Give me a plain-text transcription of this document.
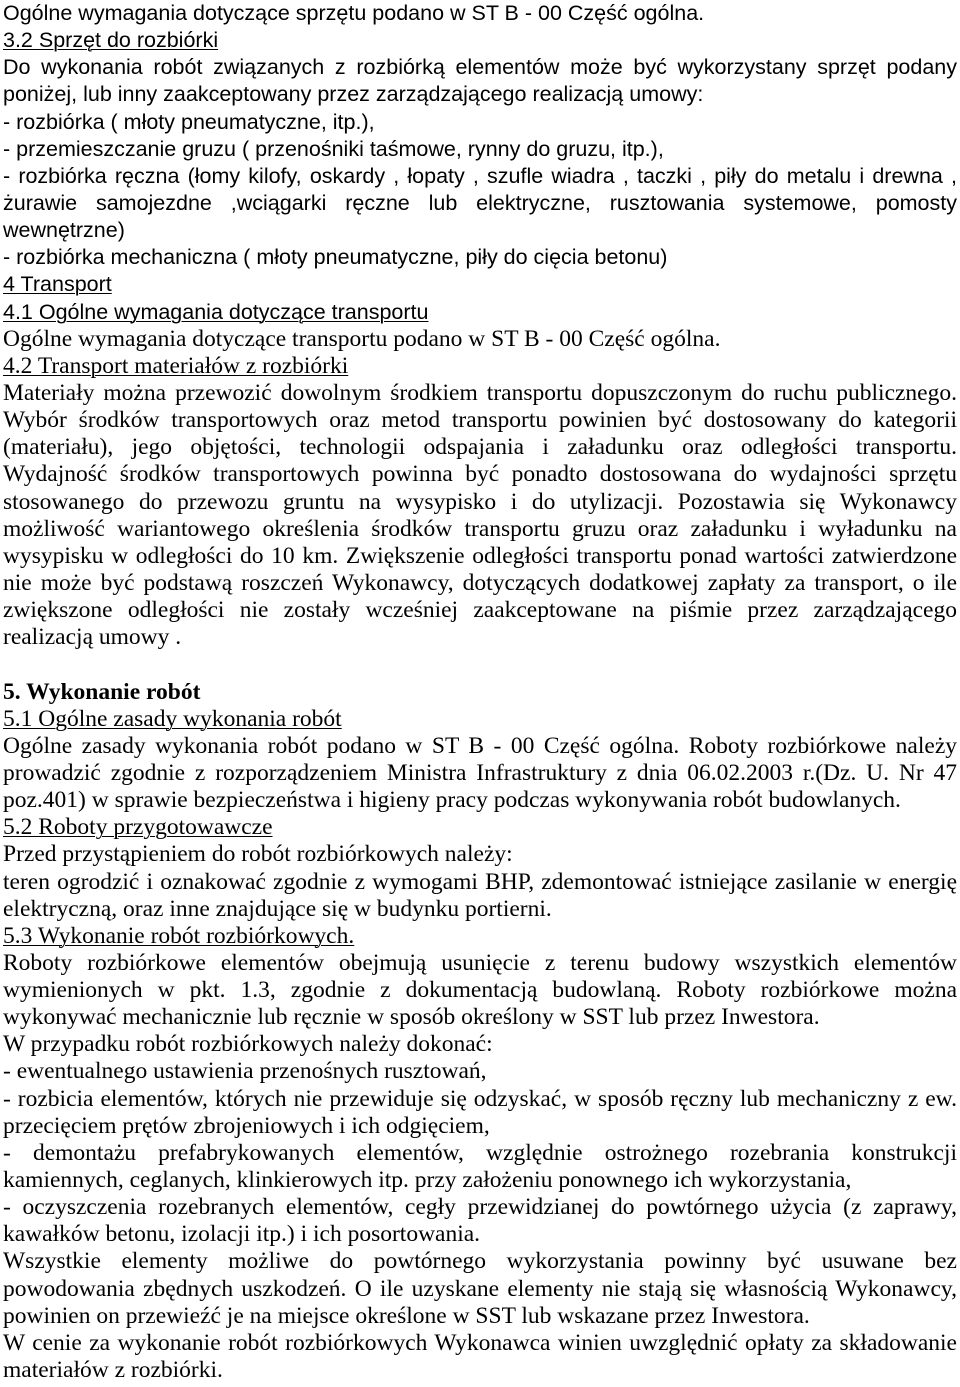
Ogólne wymagania dotyczące sprzętu podano w ST B - 00 Część ogólna.
3.2 Sprzęt do rozbiórki
Do wykonania robót związanych z rozbiórką elementów może być wykorzystany sprzęt podany
poniżej, lub inny zaakceptowany przez zarządzającego realizacją umowy:
- rozbiórka ( młoty pneumatyczne, itp.),
- przemieszczanie gruzu ( przenośniki taśmowe, rynny do gruzu, itp.),
- rozbiórka ręczna (łomy kilofy, oskardy , łopaty , szufle wiadra , taczki , piły do metalu i drewna ,
żurawie samojezdne ,wciągarki ręczne lub elektryczne, rusztowania systemowe, pomosty
wewnętrzne)
- rozbiórka mechaniczna ( młoty pneumatyczne, piły do cięcia betonu)
4 Transport
4.1 Ogólne wymagania dotyczące transportu
Ogólne wymagania dotyczące transportu podano w ST B - 00 Część ogólna.
4.2 Transport materiałów z rozbiórki
Materiały można przewozić dowolnym środkiem transportu dopuszczonym do ruchu publicznego.
Wybór środków transportowych oraz metod transportu powinien być dostosowany do kategorii
(materiału), jego objętości, technologii odspajania i załadunku oraz odległości transportu.
Wydajność środków transportowych powinna być ponadto dostosowana do wydajności sprzętu
stosowanego do przewozu gruntu na wysypisko i do utylizacji. Pozostawia się Wykonawcy
możliwość wariantowego określenia środków transportu gruzu oraz załadunku i wyładunku na
wysypisku w odległości do 10 km. Zwiększenie odległości transportu ponad wartości zatwierdzone
nie może być podstawą roszczeń Wykonawcy, dotyczących dodatkowej zapłaty za transport, o ile
zwiększone odległości nie zostały wcześniej zaakceptowane na piśmie przez zarządzającego
realizacją umowy .
5. Wykonanie robót
5.1 Ogólne zasady wykonania robót
Ogólne zasady wykonania robót podano w ST B - 00 Część ogólna. Roboty rozbiórkowe należy
prowadzić zgodnie z rozporządzeniem Ministra Infrastruktury z dnia 06.02.2003 r.(Dz. U. Nr 47
poz.401) w sprawie bezpieczeństwa i higieny pracy podczas wykonywania robót budowlanych.
5.2 Roboty przygotowawcze
Przed przystąpieniem do robót rozbiórkowych należy:
teren ogrodzić i oznakować zgodnie z wymogami BHP, zdemontować istniejące zasilanie w energię
elektryczną, oraz inne znajdujące się w budynku portierni.
5.3 Wykonanie robót rozbiórkowych.
Roboty rozbiórkowe elementów obejmują usunięcie z terenu budowy wszystkich elementów
wymienionych w pkt. 1.3, zgodnie z dokumentacją budowlaną. Roboty rozbiórkowe można
wykonywać mechanicznie lub ręcznie w sposób określony w SST lub przez Inwestora.
W przypadku robót rozbiórkowych należy dokonać:
- ewentualnego ustawienia przenośnych rusztowań,
- rozbicia elementów, których nie przewiduje się odzyskać, w sposób ręczny lub mechaniczny z ew.
przecięciem prętów zbrojeniowych i ich odgięciem,
- demontażu prefabrykowanych elementów, względnie ostrożnego rozebrania konstrukcji
kamiennych, ceglanych, klinkierowych itp. przy założeniu ponownego ich wykorzystania,
- oczyszczenia rozebranych elementów, cegły przewidzianej do powtórnego użycia (z zaprawy,
kawałków betonu, izolacji itp.) i ich posortowania.
Wszystkie elementy możliwe do powtórnego wykorzystania powinny być usuwane bez
powodowania zbędnych uszkodzeń. O ile uzyskane elementy nie stają się własnością Wykonawcy,
powinien on przewieźć je na miejsce określone w SST lub wskazane przez Inwestora.
W cenie za wykonanie robót rozbiórkowych Wykonawca winien uwzględnić opłaty za składowanie
materiałów z rozbiórki.
